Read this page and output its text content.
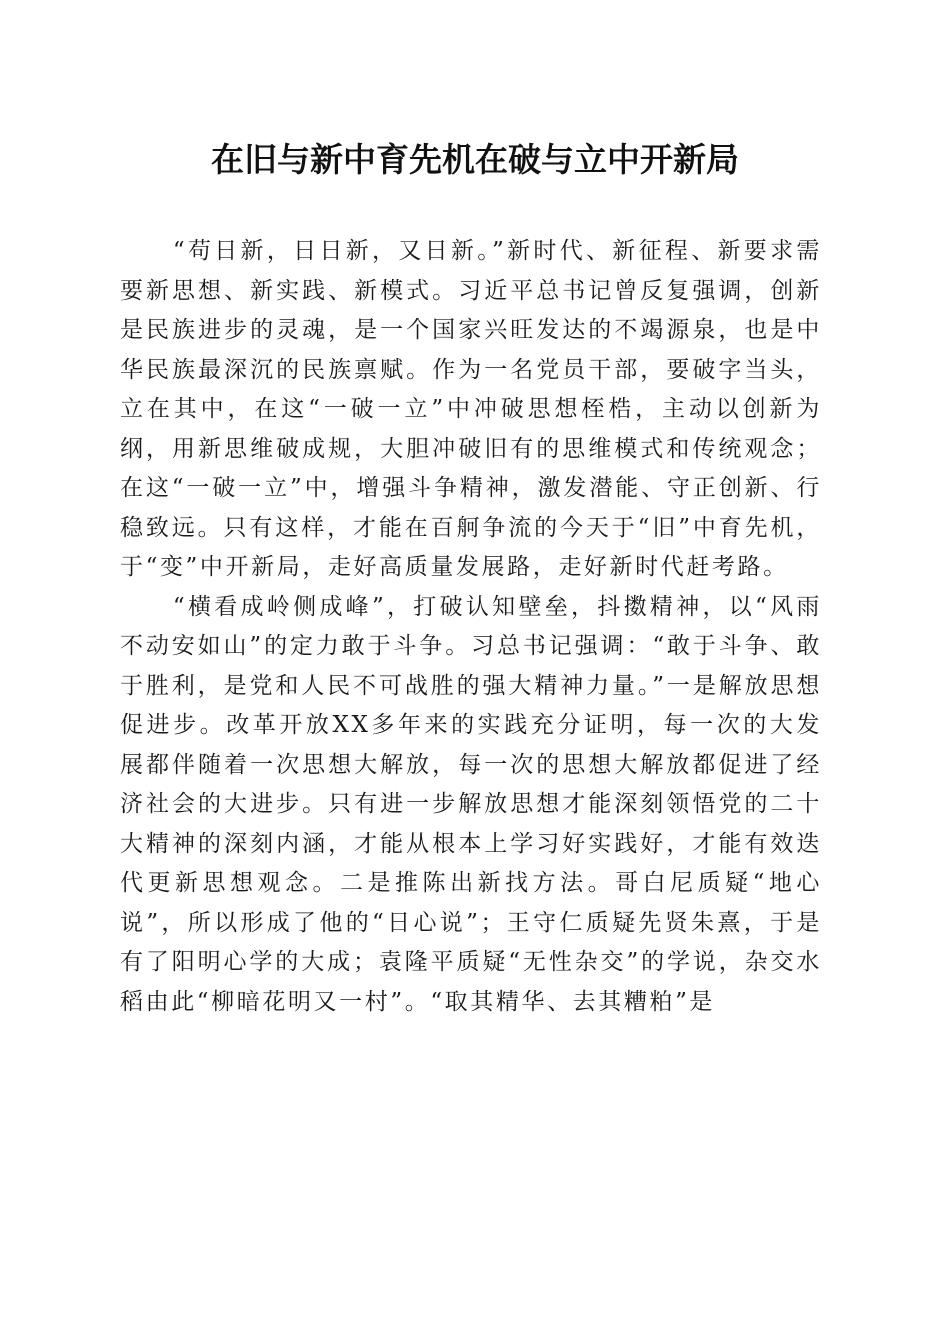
在旧与新中育先机在破与立中开新局

“苟日新，日日新，又日新。”新时代、新征程、新要求需要新思想、新实践、新模式。习近平总书记曾反复强调，创新是民族进步的灵魂，是一个国家兴旺发达的不竭源泉，也是中华民族最深沉的民族禀赋。作为一名党员干部，要破字当头，立在其中，在这“一破一立”中冲破思想桎梏，主动以创新为纲，用新思维破成规，大胆冲破旧有的思维模式和传统观念；在这“一破一立”中，增强斗争精神，激发潜能、守正创新、行稳致远。只有这样，才能在百舸争流的今天于“旧”中育先机，于“变”中开新局，走好高质量发展路，走好新时代赶考路。

“横看成岭侧成峰”，打破认知壁垒，抖擞精神，以“风雨不动安如山”的定力敢于斗争。习总书记强调：“敢于斗争、敢于胜利，是党和人民不可战胜的强大精神力量。”一是解放思想促进步。改革开放XX多年来的实践充分证明，每一次的大发展都伴随着一次思想大解放，每一次的思想大解放都促进了经济社会的大进步。只有进一步解放思想才能深刻领悟党的二十大精神的深刻内涵，才能从根本上学习好实践好，才能有效迭代更新思想观念。二是推陈出新找方法。哥白尼质疑“地心说”，所以形成了他的“日心说”；王守仁质疑先贤朱熹，于是有了阳明心学的大成；袁隆平质疑“无性杂交”的学说，杂交水稻由此“柳暗花明又一村”。“取其精华、去其糟粕”是
